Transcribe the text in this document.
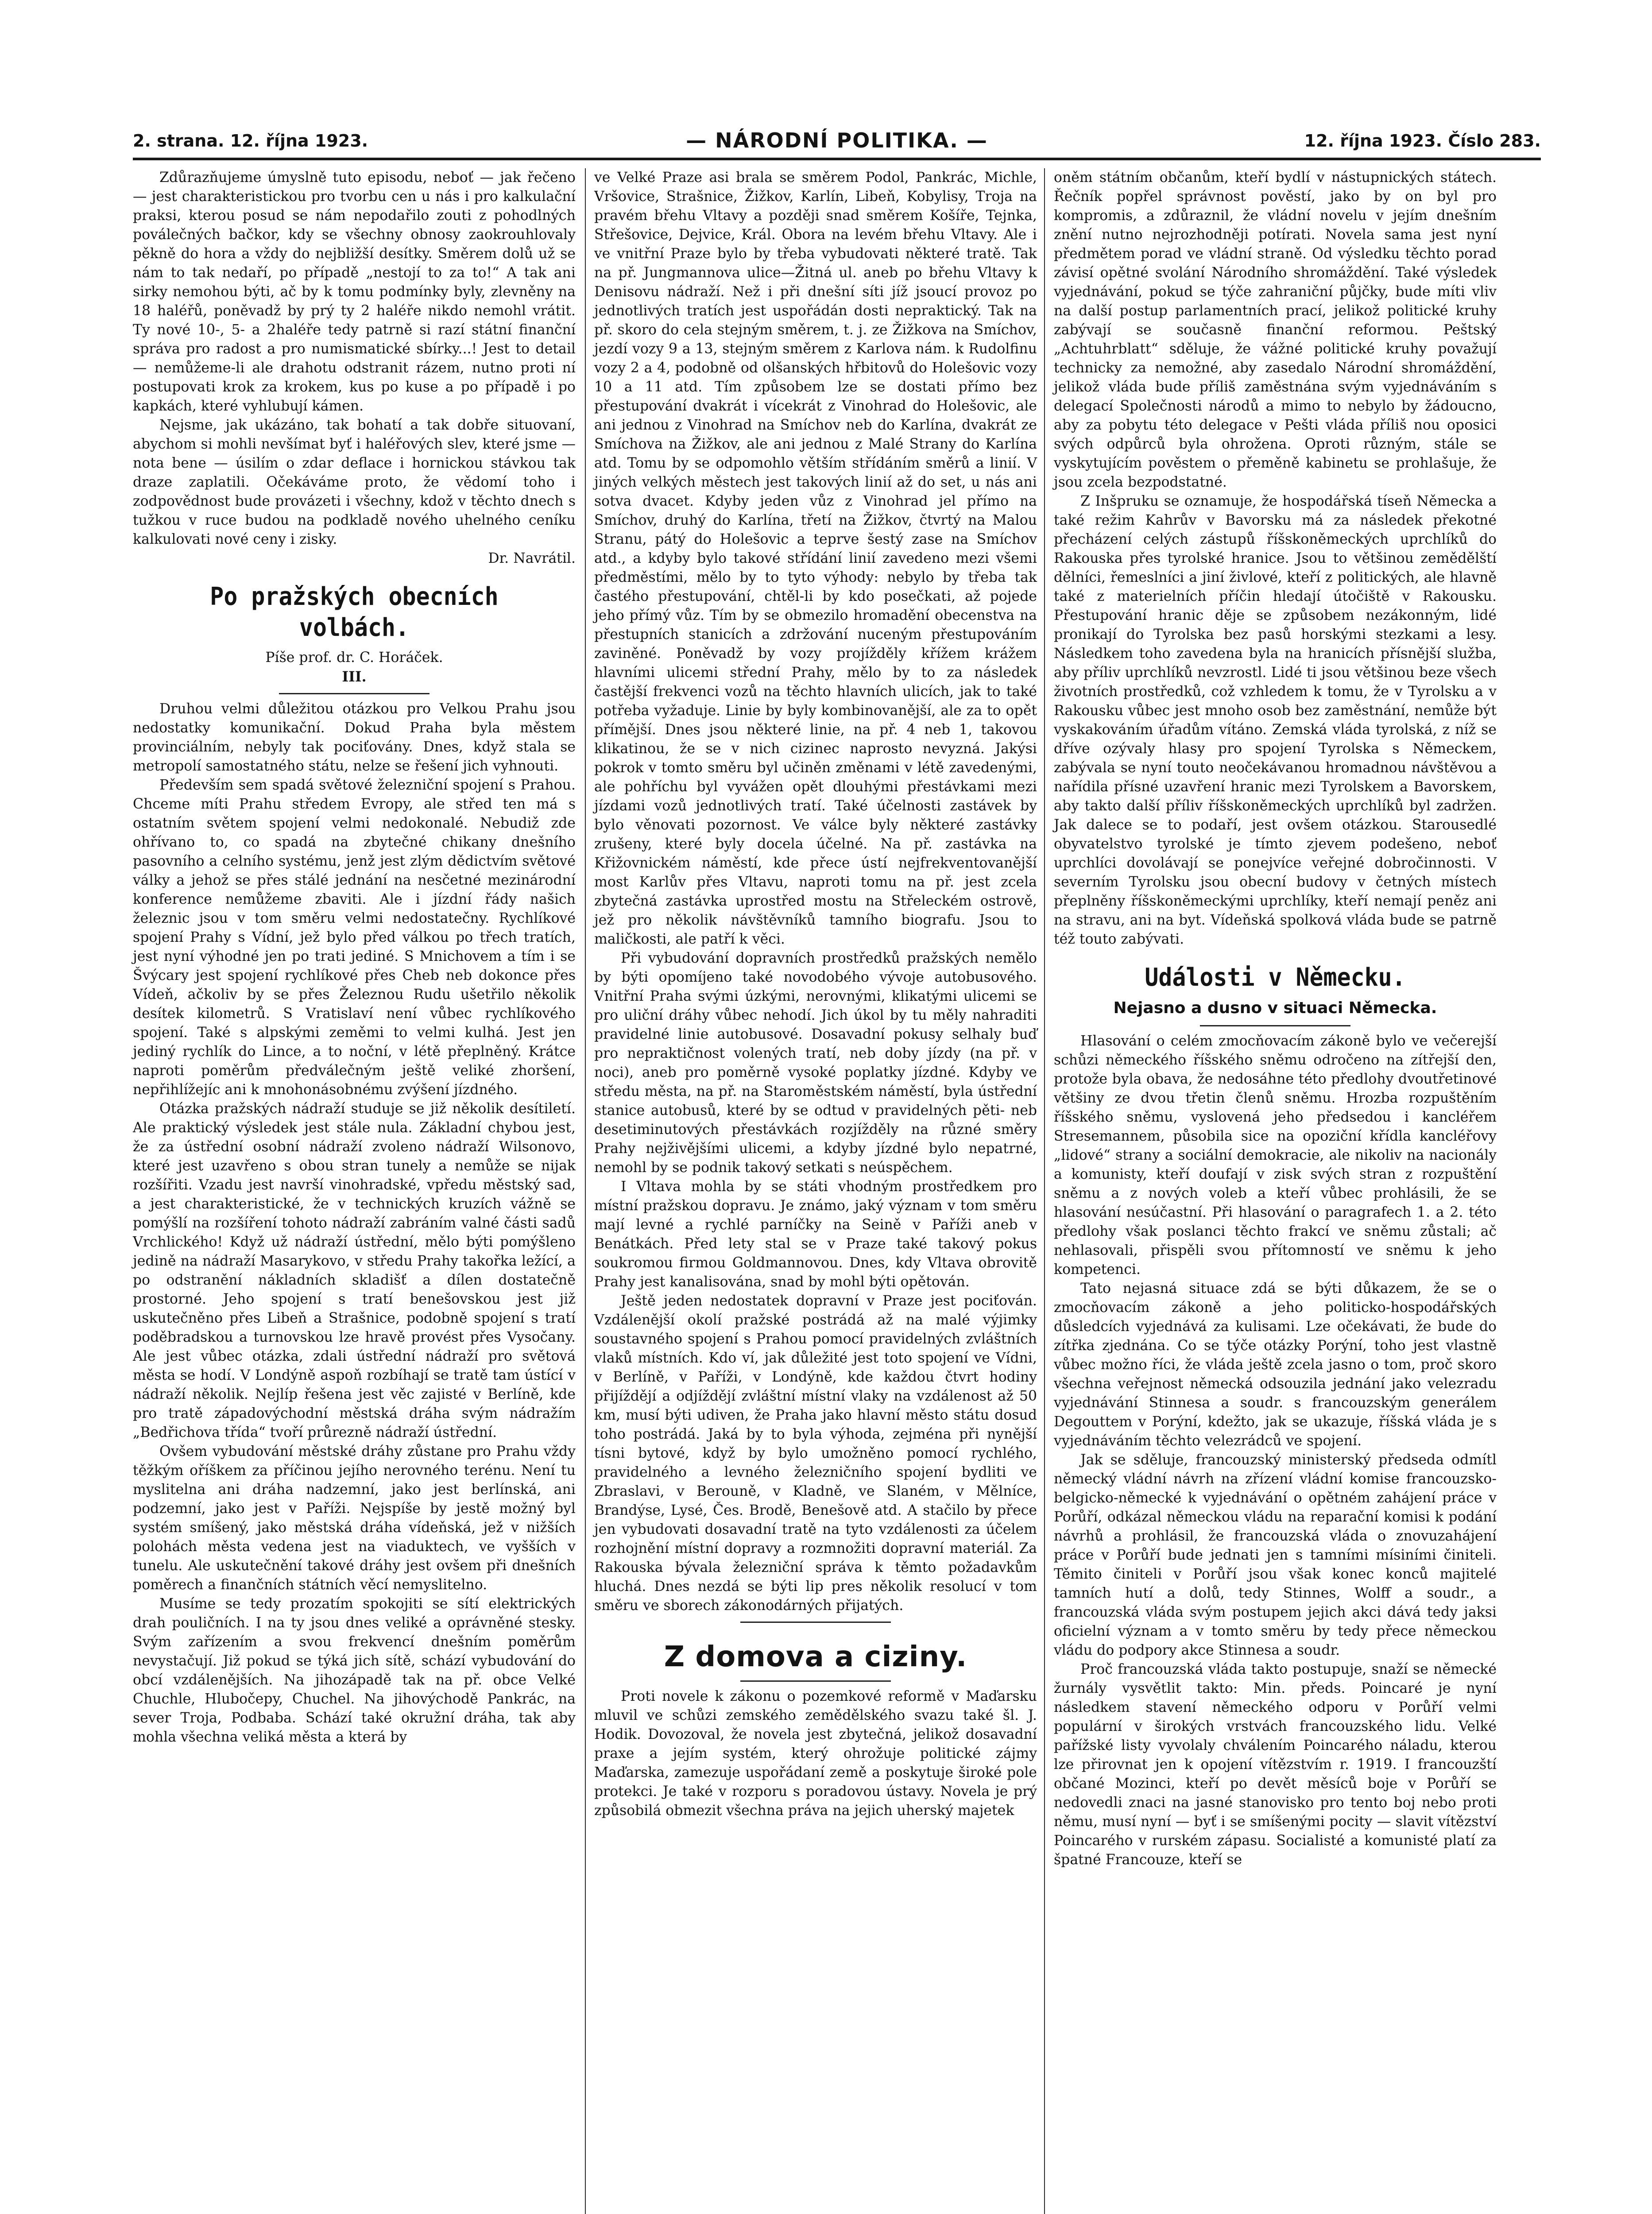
2. strana. 12. října 1923.	— NÁRODNÍ POLITIKA. —	12. října 1923. Číslo 283.

Zdůrazňujeme úmyslně tuto episodu, neboť — jak řečeno — jest charakteristickou pro tvorbu cen u nás i pro kalkulační praksi, kterou posud se nám nepodařilo zouti z pohodlných poválečných bačkor, kdy se všechny obnosy zaokrouhlovaly pěkně do hora a vždy do nejbližší desítky. Směrem dolů už se nám to tak nedaří, po případě „nestojí to za to!“ A tak ani sirky nemohou býti, ač by k tomu podmínky byly, zlevněny na 18 haléřů, poněvadž by prý ty 2 haléře nikdo nemohl vrátit. Ty nové 10-, 5- a 2haléře tedy patrně si razí státní finanční správa pro radost a pro numismatické sbírky...! Jest to detail — nemůžeme-li ale drahotu odstranit rázem, nutno proti ní postupovati krok za krokem, kus po kuse a po případě i po kapkách, které vyhlubují kámen.

Nejsme, jak ukázáno, tak bohatí a tak dobře situovaní, abychom si mohli nevšímat byť i haléřových slev, které jsme — nota bene — úsilím o zdar deflace i hornickou stávkou tak draze zaplatili. Očekáváme proto, že vědomí toho i zodpovědnost bude provázeti i všechny, kdož v těchto dnech s tužkou v ruce budou na podkladě nového uhelného ceníku kalkulovati nové ceny i zisky.

Dr. Navrátil.

Po pražských obecních volbách.

Píše prof. dr. C. Horáček.

III.

Druhou velmi důležitou otázkou pro Velkou Prahu jsou nedostatky komunikační. Dokud Praha byla městem provinciálním, nebyly tak pociťovány. Dnes, když stala se metropolí samostatného státu, nelze se řešení jich vyhnouti.

Především sem spadá světové železniční spojení s Prahou. Chceme míti Prahu středem Evropy, ale střed ten má s ostatním světem spojení velmi nedokonalé. Nebudiž zde ohřívano to, co spadá na zbytečné chikany dnešního pasovního a celního systému, jenž jest zlým dědictvím světové války a jehož se přes stálé jednání na nesčetné mezinárodní konference nemůžeme zbaviti. Ale i jízdní řády našich železnic jsou v tom směru velmi nedostatečny. Rychlíkové spojení Prahy s Vídní, jež bylo před válkou po třech tratích, jest nyní výhodné jen po trati jediné. S Mnichovem a tím i se Švýcary jest spojení rychlíkové přes Cheb neb dokonce přes Vídeň, ačkoliv by se přes Železnou Rudu ušetřilo několik desítek kilometrů. S Vratislaví není vůbec rychlíkového spojení. Také s alpskými zeměmi to velmi kulhá. Jest jen jediný rychlík do Lince, a to noční, v létě přeplněný. Krátce naproti poměrům předválečným ještě veliké zhoršení, nepřihlížejíc ani k mnohonásobnému zvýšení jízdného.

Otázka pražských nádraží studuje se již několik desítiletí. Ale praktický výsledek jest stále nula. Základní chybou jest, že za ústřední osobní nádraží zvoleno nádraží Wilsonovo, které jest uzavřeno s obou stran tunely a nemůže se nijak rozšířiti. Vzadu jest navrší vinohradské, vpředu městský sad, a jest charakteristické, že v technických kruzích vážně se pomýšlí na rozšíření tohoto nádraží zabráním valné části sadů Vrchlického! Když už nádraží ústřední, mělo býti pomýšleno jedině na nádraží Masarykovo, v středu Prahy takořka ležící, a po odstranění nákladních skladišť a dílen dostatečně prostorné. Jeho spojení s tratí benešovskou jest již uskutečněno přes Libeň a Strašnice, podobně spojení s tratí poděbradskou a turnovskou lze hravě provést přes Vysočany. Ale jest vůbec otázka, zdali ústřední nádraží pro světová města se hodí. V Londýně aspoň rozbíhají se tratě tam ústící v nádraží několik. Nejlíp řešena jest věc zajisté v Berlíně, kde pro tratě západovýchodní městská dráha svým nádražím „Bedřichova třída“ tvoří průrezně nádraží ústřední.

Ovšem vybudování městské dráhy zůstane pro Prahu vždy těžkým oříškem za příčinou jejího nerovného terénu. Není tu myslitelna ani dráha nadzemní, jako jest berlínská, ani podzemní, jako jest v Paříži. Nejspíše by jestě možný byl systém smíšený, jako městská dráha vídeňská, jež v nižších polohách města vedena jest na viaduktech, ve vyšších v tunelu. Ale uskutečnění takové dráhy jest ovšem při dnešních poměrech a finančních státních věcí nemyslitelno.

Musíme se tedy prozatím spokojiti se sítí elektrických drah pouličních. I na ty jsou dnes veliké a oprávněné stesky. Svým zařízením a svou frekvencí dnešním poměrům nevystačují. Již pokud se týká jich sítě, schází vybudování do obcí vzdálenějších. Na jihozápadě tak na př. obce Velké Chuchle, Hlubočepy, Chuchel. Na jihovýchodě Pankrác, na sever Troja, Podbaba. Schází také okružní dráha, tak aby mohla všechna veliká města a která by

ve Velké Praze asi brala se směrem Podol, Pankrác, Michle, Vršovice, Strašnice, Žižkov, Karlín, Libeň, Kobylisy, Troja na pravém břehu Vltavy a později snad směrem Košíře, Tejnka, Střešovice, Dejvice, Král. Obora na levém břehu Vltavy. Ale i ve vnitřní Praze bylo by třeba vybudovati některé tratě. Tak na př. Jungmannova ulice—Žitná ul. aneb po břehu Vltavy k Denisovu nádraží. Než i při dnešní síti jíž jsoucí provoz po jednotlivých tratích jest uspořádán dosti nepraktický. Tak na př. skoro do cela stejným směrem, t. j. ze Žižkova na Smíchov, jezdí vozy 9 a 13, stejným směrem z Karlova nám. k Rudolfinu vozy 2 a 4, podobně od olšanských hřbitovů do Holešovic vozy 10 a 11 atd. Tím způsobem lze se dostati přímo bez přestupování dvakrát i vícekrát z Vinohrad do Holešovic, ale ani jednou z Vinohrad na Smíchov neb do Karlína, dvakrát ze Smíchova na Žižkov, ale ani jednou z Malé Strany do Karlína atd. Tomu by se odpomohlo větším střídáním směrů a linií. V jiných velkých městech jest takových linií až do set, u nás ani sotva dvacet. Kdyby jeden vůz z Vinohrad jel přímo na Smíchov, druhý do Karlína, třetí na Žižkov, čtvrtý na Malou Stranu, pátý do Holešovic a teprve šestý zase na Smíchov atd., a kdyby bylo takové střídání linií zavedeno mezi všemi předměstími, mělo by to tyto výhody: nebylo by třeba tak častého přestupování, chtěl-li by kdo posečkati, až pojede jeho přímý vůz. Tím by se obmezilo hromadění obecenstva na přestupních stanicích a zdržování nuceným přestupováním zaviněné. Poněvadž by vozy projížděly křížem krážem hlavními ulicemi střední Prahy, mělo by to za následek častější frekvenci vozů na těchto hlavních ulicích, jak to také potřeba vyžaduje. Linie by byly kombinovanější, ale za to opět přímější. Dnes jsou některé linie, na př. 4 neb 1, takovou klikatinou, že se v nich cizinec naprosto nevyzná. Jakýsi pokrok v tomto směru byl učiněn změnami v létě zavedenými, ale pohříchu byl vyvážen opět dlouhými přestávkami mezi jízdami vozů jednotlivých tratí. Také účelnosti zastávek by bylo věnovati pozornost. Ve válce byly některé zastávky zrušeny, které byly docela účelné. Na př. zastávka na Křižovnickém náměstí, kde přece ústí nejfrekventovanější most Karlův přes Vltavu, naproti tomu na př. jest zcela zbytečná zastávka uprostřed mostu na Střeleckém ostrově, jež pro několik návštěvníků tamního biografu. Jsou to maličkosti, ale patří k věci.

Při vybudování dopravních prostředků pražských nemělo by býti opomíjeno také novodobého vývoje autobusového. Vnitřní Praha svými úzkými, nerovnými, klikatými ulicemi se pro uliční dráhy vůbec nehodí. Jich úkol by tu měly nahraditi pravidelné linie autobusové. Dosavadní pokusy selhaly buď pro nepraktičnost volených tratí, neb doby jízdy (na př. v noci), aneb pro poměrně vysoké poplatky jízdné. Kdyby ve středu města, na př. na Staroměstském náměstí, byla ústřední stanice autobusů, které by se odtud v pravidelných pěti- neb desetiminutových přestávkách rozjížděly na různé směry Prahy nejživějšími ulicemi, a kdyby jízdné bylo nepatrné, nemohl by se podnik takový setkati s neúspěchem.

I Vltava mohla by se státi vhodným prostředkem pro místní pražskou dopravu. Je známo, jaký význam v tom směru mají levné a rychlé parníčky na Seině v Paříži aneb v Benátkách. Před lety stal se v Praze také takový pokus soukromou firmou Goldmannovou. Dnes, kdy Vltava obrovitě Prahy jest kanalisována, snad by mohl býti opětován.

Ještě jeden nedostatek dopravní v Praze jest pociťován. Vzdálenější okolí pražské postrádá až na malé výjimky soustavného spojení s Prahou pomocí pravidelných zvláštních vlaků místních. Kdo ví, jak důležité jest toto spojení ve Vídni, v Berlíně, v Paříži, v Londýně, kde každou čtvrt hodiny přijíždějí a odjíždějí zvláštní místní vlaky na vzdálenost až 50 km, musí býti udiven, že Praha jako hlavní město státu dosud toho postrádá. Jaká by to byla výhoda, zejména při nynější tísni bytové, když by bylo umožněno pomocí rychlého, pravidelného a levného železničního spojení bydliti ve Zbraslavi, v Berouně, v Kladně, ve Slaném, v Mělníce, Brandýse, Lysé, Čes. Brodě, Benešově atd. A stačilo by přece jen vybudovati dosavadní tratě na tyto vzdálenosti za účelem rozhojnění místní dopravy a rozmnožiti dopravní materiál. Za Rakouska bývala železniční správa k těmto požadavkům hluchá. Dnes nezdá se býti lip pres několik resolucí v tom směru ve sborech zákonodárných přijatých.

Z domova a ciziny.

Proti novele k zákonu o pozemkové reformě v Maďarsku mluvil ve schůzi zemského zemědělského svazu také šl. J. Hodik. Dovozoval, že novela jest zbytečná, jelikož dosavadní praxe a jejím systém, který ohrožuje politické zájmy Maďarska, zamezuje uspořádaní země a poskytuje široké pole protekci. Je také v rozporu s poradovou ústavy. Novela je prý způsobilá obmezit všechna práva na jejich uherský majetek

oněm státním občanům, kteří bydlí v nástupnických státech. Řečník popřel správnost pověstí, jako by on byl pro kompromis, a zdůraznil, že vládní novelu v jejím dnešním znění nutno nejrozhodněji potírati. Novela sama jest nyní předmětem porad ve vládní straně. Od výsledku těchto porad závisí opětné svolání Národního shromáždění. Také výsledek vyjednávání, pokud se týče zahraniční půjčky, bude míti vliv na další postup parlamentních prací, jelikož politické kruhy zabývají se současně finanční reformou. Peštský „Achtuhrblatt“ sděluje, že vážné politické kruhy považují technicky za nemožné, aby zasedalo Národní shromáždění, jelikož vláda bude příliš zaměstnána svým vyjednáváním s delegací Společnosti národů a mimo to nebylo by žádoucno, aby za pobytu této delegace v Pešti vláda příliš nou oposici svých odpůrců byla ohrožena. Oproti různým, stále se vyskytujícím pověstem o přeměně kabinetu se prohlašuje, že jsou zcela bezpodstatné.

Z Inšpruku se oznamuje, že hospodářská tíseň Německa a také režim Kahrův v Bavorsku má za následek překotné přecházení celých zástupů říšskoněmeckých uprchlíků do Rakouska přes tyrolské hranice. Jsou to většinou zemědělští dělníci, řemeslníci a jiní živlové, kteří z politických, ale hlavně také z materielních příčin hledají útočiště v Rakousku. Přestupování hranic děje se způsobem nezákonným, lidé pronikají do Tyrolska bez pasů horskými stezkami a lesy. Následkem toho zavedena byla na hranicích přísnější služba, aby příliv uprchlíků nevzrostl. Lidé ti jsou většinou beze všech životních prostředků, což vzhledem k tomu, že v Tyrolsku a v Rakousku vůbec jest mnoho osob bez zaměstnání, nemůže být vyskakováním úřadům vítáno. Zemská vláda tyrolská, z níž se dříve ozývaly hlasy pro spojení Tyrolska s Německem, zabývala se nyní touto neočekávanou hromadnou návštěvou a nařídila přísné uzavření hranic mezi Tyrolskem a Bavorskem, aby takto další příliv říšskoněmeckých uprchlíků byl zadržen. Jak dalece se to podaří, jest ovšem otázkou. Starousedlé obyvatelstvo tyrolské je tímto zjevem podešeno, neboť uprchlíci dovolávají se ponejvíce veřejné dobročinnosti. V severním Tyrolsku jsou obecní budovy v četných místech přeplněny říšskoněmeckými uprchlíky, kteří nemají peněz ani na stravu, ani na byt. Vídeňská spolková vláda bude se patrně též touto zabývati.

Události v Německu.

Nejasno a dusno v situaci Německa.

Hlasování o celém zmocňovacím zákoně bylo ve večerejší schůzi německého říšského sněmu odročeno na zítřejší den, protože byla obava, že nedosáhne této předlohy dvoutřetinové většiny ze dvou třetin členů sněmu. Hrozba rozpuštěním říšského sněmu, vyslovená jeho předsedou i kancléřem Stresemannem, působila sice na opoziční křídla kancléřovy „lidové“ strany a sociální demokracie, ale nikoliv na nacionály a komunisty, kteří doufají v zisk svých stran z rozpuštění sněmu a z nových voleb a kteří vůbec prohlásili, že se hlasování nesúčastní. Při hlasování o paragrafech 1. a 2. této předlohy však poslanci těchto frakcí ve sněmu zůstali; ač nehlasovali, přispěli svou přítomností ve sněmu k jeho kompetenci.

Tato nejasná situace zdá se býti důkazem, že se o zmocňovacím zákoně a jeho politicko-hospodářských důsledcích vyjednává za kulisami. Lze očekávati, že bude do zítřka zjednána. Co se týče otázky Porýní, toho jest vlastně vůbec možno říci, že vláda ještě zcela jasno o tom, proč skoro všechna veřejnost německá odsouzila jednání jako velezradu vyjednávání Stinnesa a soudr. s francouzským generálem Degouttem v Porýní, kdežto, jak se ukazuje, říšská vláda je s vyjednáváním těchto velezrádců ve spojení.

Jak se sděluje, francouzský ministerský předseda odmítl německý vládní návrh na zřízení vládní komise francouzsko-belgicko-německé k vyjednávání o opětném zahájení práce v Porůří, odkázal německou vládu na reparační komisi k podání návrhů a prohlásil, že francouzská vláda o znovuzahájení práce v Porůří bude jednati jen s tamními mísiními činiteli. Těmito činiteli v Porůří jsou však konec konců majitelé tamních hutí a dolů, tedy Stinnes, Wolff a soudr., a francouzská vláda svým postupem jejich akci dává tedy jaksi oficielní význam a v tomto směru by tedy přece německou vládu do podpory akce Stinnesa a soudr.

Proč francouzská vláda takto postupuje, snaží se německé žurnály vysvětlit takto: Min. předs. Poincaré je nyní následkem stavení německého odporu v Porůří velmi populární v širokých vrstvách francouzského lidu. Velké pařížské listy vyvolaly chválením Poincarého náladu, kterou lze přirovnat jen k opojení vítězstvím r. 1919. I francouzští občané Mozinci, kteří po devět měsíců boje v Porůří se nedovedli znaci na jasné stanovisko pro tento boj nebo proti němu, musí nyní — byť i se smíšenými pocity — slavit vítězství Poincarého v rurském zápasu. Socialisté a komunisté platí za špatné Francouze, kteří se
